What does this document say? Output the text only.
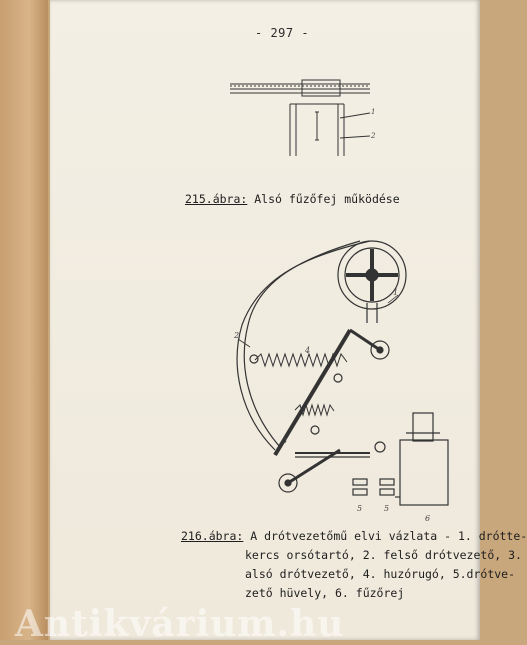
- 297 -
1
2
215.ábra: Alsó fűzőfej működése
1
2
3
4
5	5
6
216.ábra: A drótvezetőmű elvi vázlata - 1. drótte-
kercs orsótartó, 2. felső drótvezető, 3.
alsó drótvezető, 4. huzórugó, 5.drótve-
zető hüvely, 6. fűzőrej
Antikvárium.hu
